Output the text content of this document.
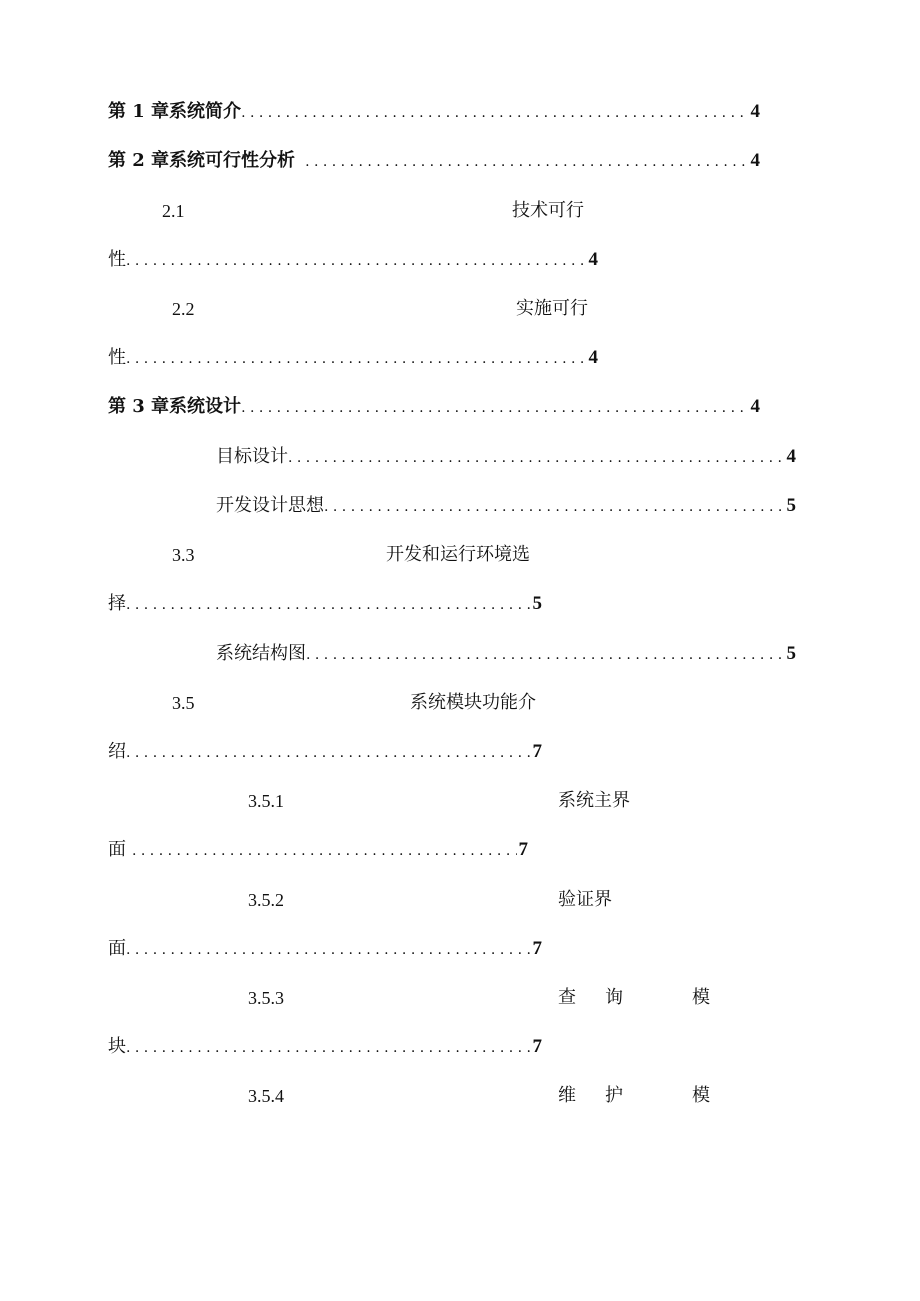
第 1 章系统简介 . . .	4
第 2 章 系统可行性分析 . . .	4
2.1	技术可行
性 . . .	4
2.2	实施可行
性 . . .	4
第 3 章系统设计 . . .	4
目标设计 . . .	4
开发设计思想 . . .	5
3.3	开发和运行环境选
择 . . .	5
系统结构图 . . .	5
3.5	系统模块功能介
绍 . . .	7
3.5.1	系统主界
面 . . .	7
3.5.2	验证界
面 . . .	7
3.5.3	查 询	模
块 . . .	7
3.5.4	维 护	模
